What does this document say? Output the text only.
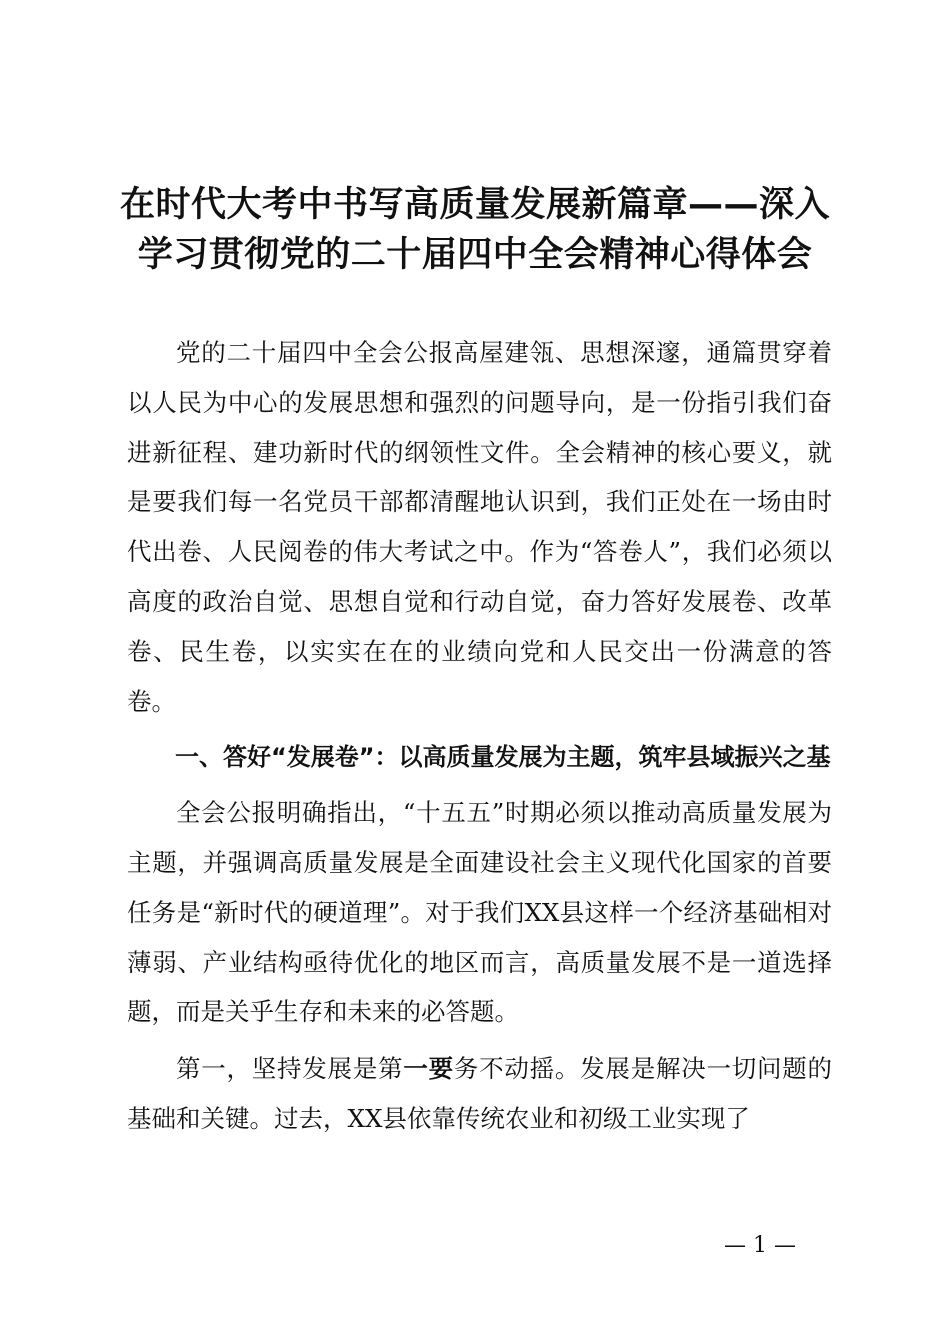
在时代大考中书写高质量发展新篇章——深入
学习贯彻党的二十届四中全会精神心得体会

党的二十届四中全会公报高屋建瓴、思想深邃，通篇贯穿着以人民为中心的发展思想和强烈的问题导向，是一份指引我们奋进新征程、建功新时代的纲领性文件。全会精神的核心要义，就是要我们每一名党员干部都清醒地认识到，我们正处在一场由时代出卷、人民阅卷的伟大考试之中。作为“答卷人”，我们必须以高度的政治自觉、思想自觉和行动自觉，奋力答好发展卷、改革卷、民生卷，以实实在在的业绩向党和人民交出一份满意的答卷。

一、答好“发展卷”：以高质量发展为主题，筑牢县域振兴之基

全会公报明确指出，“十五五”时期必须以推动高质量发展为主题，并强调高质量发展是全面建设社会主义现代化国家的首要任务是“新时代的硬道理”。对于我们XX县这样一个经济基础相对薄弱、产业结构亟待优化的地区而言，高质量发展不是一道选择题，而是关乎生存和未来的必答题。

第一，坚持发展是第一要务不动摇。发展是解决一切问题的基础和关键。过去，XX县依靠传统农业和初级工业实现了

— 1 —
